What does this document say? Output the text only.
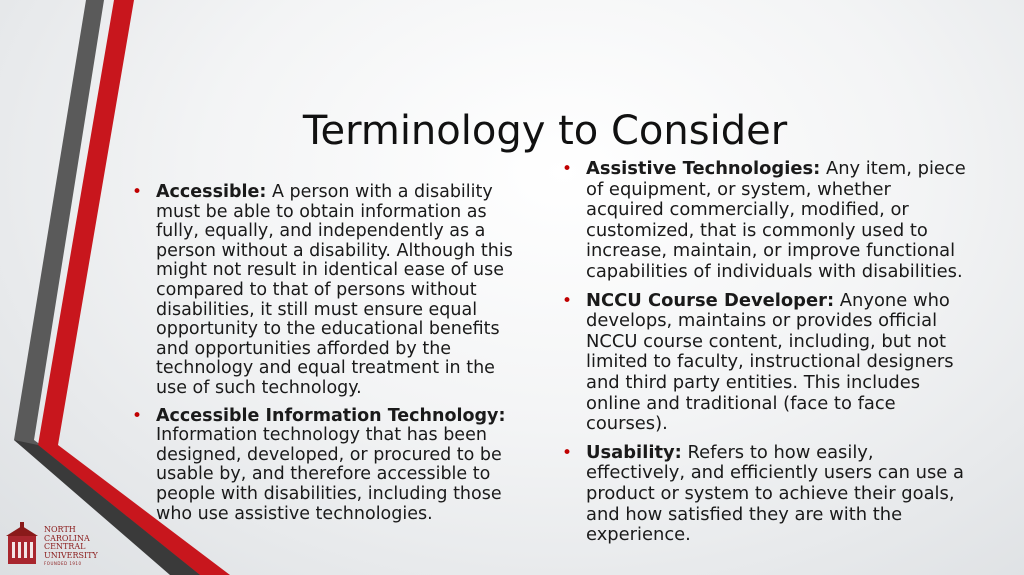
Terminology to Consider
• Accessible: A person with a disability must be able to obtain information as fully, equally, and independently as a person without a disability. Although this might not result in identical ease of use compared to that of persons without disabilities, it still must ensure equal opportunity to the educational benefits and opportunities afforded by the technology and equal treatment in the use of such technology.
• Accessible Information Technology: Information technology that has been designed, developed, or procured to be usable by, and therefore accessible to people with disabilities, including those who use assistive technologies.
• Assistive Technologies: Any item, piece of equipment, or system, whether acquired commercially, modified, or customized, that is commonly used to increase, maintain, or improve functional capabilities of individuals with disabilities.
• NCCU Course Developer: Anyone who develops, maintains or provides official NCCU course content, including, but not limited to faculty, instructional designers and third party entities. This includes online and traditional (face to face courses).
• Usability: Refers to how easily, effectively, and efficiently users can use a product or system to achieve their goals, and how satisfied they are with the experience.
NORTH
CAROLINA
CENTRAL
UNIVERSITY
FOUNDED 1910
